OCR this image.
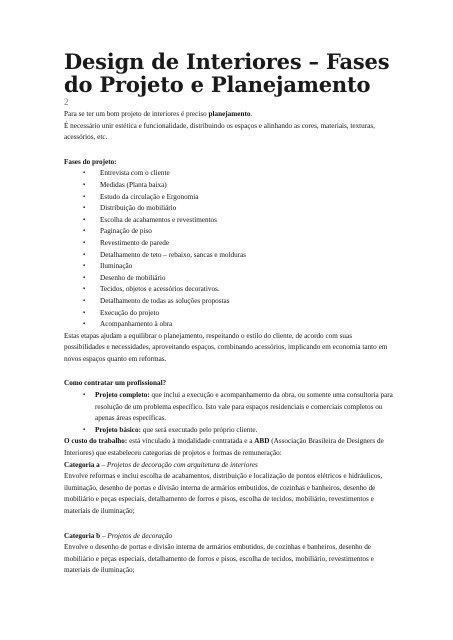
Design de Interiores – Fases do Projeto e Planejamento
2

Para se ter um bom projeto de interiores é preciso planejamento.

É necessário unir estética e funcionalidade, distribuindo os espaços e alinhando as cores, materiais, texturas, acessórios, etc.

Fases do projeto:

▪ Entrevista com o cliente
▪ Medidas (Planta baixa)
▪ Estudo da circulação e Ergonomia
▪ Distribuição do mobiliário
▪ Escolha de acabamentos e revestimentos
▪ Paginação de piso
▪ Revestimento de parede
▪ Detalhamento de teto – rebaixo, sancas e molduras
▪ Iluminação
▪ Desenho de mobiliário
▪ Tecidos, objetos e acessórios decorativos.
▪ Detalhamento de todas as soluções propostas
▪ Execução do projeto
▪ Acompanhamento à obra

Estas etapas ajudam a equilibrar o planejamento, respeitando o estilo do cliente, de acordo com suas possibilidades e necessidades, aproveitando espaços, combinando acessórios, implicando em economia tanto em novos espaços quanto em reformas.

Como contratar um profissional?

▪ Projeto completo: que inclui a execução e acompanhamento da obra, ou somente uma consultoria para resolução de um problema específico. Isto vale para espaços residenciais e comerciais completos ou apenas áreas específicas.
▪ Projeto básico: que será executado pelo próprio cliente.

O custo do trabalho: está vinculado à modalidade contratada e a ABD (Associação Brasileira de Designers de Interiores) que estabeleceu categorias de projetos e formas de remuneração:

Categoria a – Projetos de decoração com arquitetura de interiores

Envolve reformas e inclui escolha de acabamentos, distribuição e localização de pontos elétricos e hidráulicos, iluminação, desenho de portas e divisão interna de armários embutidos, de cozinhas e banheiros, desenho de mobiliário e peças especiais, detalhamento de forros e pisos, escolha de tecidos, mobiliário, revestimentos e materiais de iluminação;

Categoria b – Projetos de decoração

Envolve o desenho de portas e divisão interna de armários embutidos, de cozinhas e banheiros, desenho de mobiliário e peças especiais, detalhamento de forros e pisos, escolha de tecidos, mobiliário, revestimentos e materiais de iluminação;
